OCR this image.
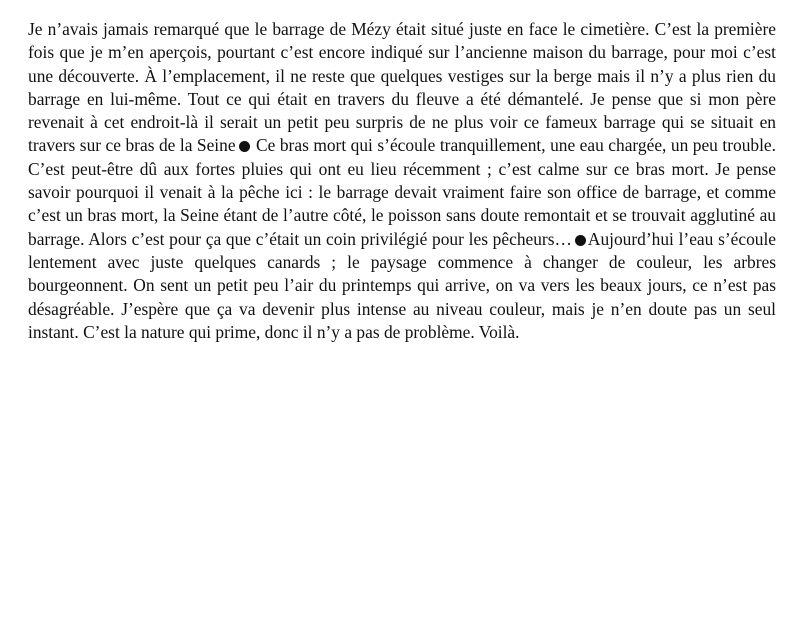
Je n’avais jamais remarqué que le barrage de Mézy était situé juste en face le cimetière. C’est la première fois que je m’en aperçois, pourtant c’est encore indiqué sur l’ancienne maison du barrage, pour moi c’est une découverte. À l’emplacement, il ne reste que quelques vestiges sur la berge mais il n’y a plus rien du barrage en lui-même. Tout ce qui était en travers du fleuve a été démantelé. Je pense que si mon père revenait à cet endroit-là il serait un petit peu surpris de ne plus voir ce fameux barrage qui se situait en travers sur ce bras de la Seine Ce bras mort qui s’écoule tranquillement, une eau chargée, un peu trouble. C’est peut-être dû aux fortes pluies qui ont eu lieu récemment ; c’est calme sur ce bras mort. Je pense savoir pourquoi il venait à la pêche ici : le barrage devait vraiment faire son office de barrage, et comme c’est un bras mort, la Seine étant de l’autre côté, le poisson sans doute remontait et se trouvait agglutiné au barrage. Alors c’est pour ça que c’était un coin privilégié pour les pêcheurs… Aujourd’hui l’eau s’écoule lentement avec juste quelques canards ; le paysage commence à changer de couleur, les arbres bourgeonnent. On sent un petit peu l’air du printemps qui arrive, on va vers les beaux jours, ce n’est pas désagréable. J’espère que ça va devenir plus intense au niveau couleur, mais je n’en doute pas un seul instant. C’est la nature qui prime, donc il n’y a pas de problème. Voilà.
